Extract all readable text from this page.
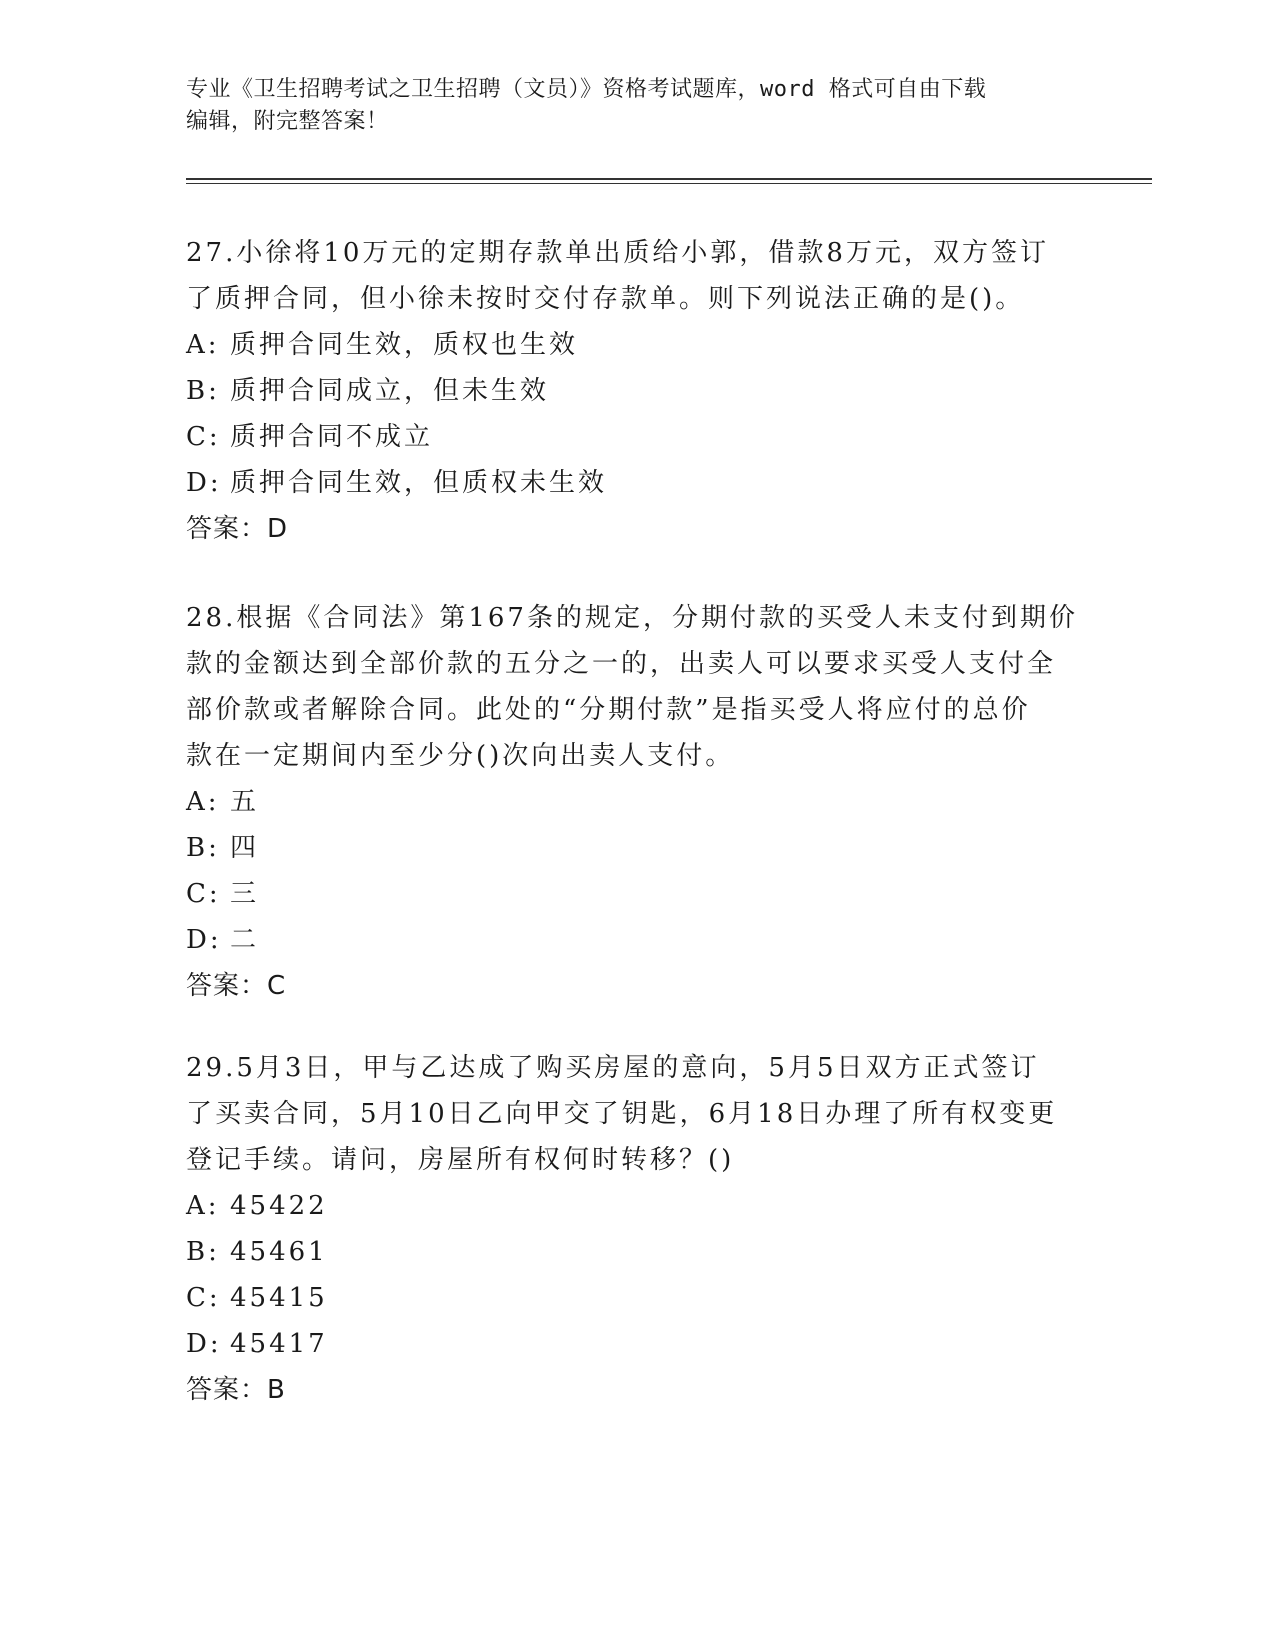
专业《卫生招聘考试之卫生招聘（文员）》资格考试题库，word 格式可自由下载
编辑，附完整答案！

27.小徐将10万元的定期存款单出质给小郭，借款8万元，双方签订

了质押合同，但小徐未按时交付存款单。则下列说法正确的是()。

A: 质押合同生效，质权也生效

B: 质押合同成立，但未生效

C: 质押合同不成立

D: 质押合同生效，但质权未生效

答案：D

28.根据《合同法》第167条的规定，分期付款的买受人未支付到期价

款的金额达到全部价款的五分之一的，出卖人可以要求买受人支付全

部价款或者解除合同。此处的“分期付款”是指买受人将应付的总价

款在一定期间内至少分()次向出卖人支付。

A: 五

B: 四

C: 三

D: 二

答案：C

29.5月3日，甲与乙达成了购买房屋的意向，5月5日双方正式签订

了买卖合同，5月10日乙向甲交了钥匙，6月18日办理了所有权变更

登记手续。请问，房屋所有权何时转移？()

A: 45422

B: 45461

C: 45415

D: 45417

答案：B
